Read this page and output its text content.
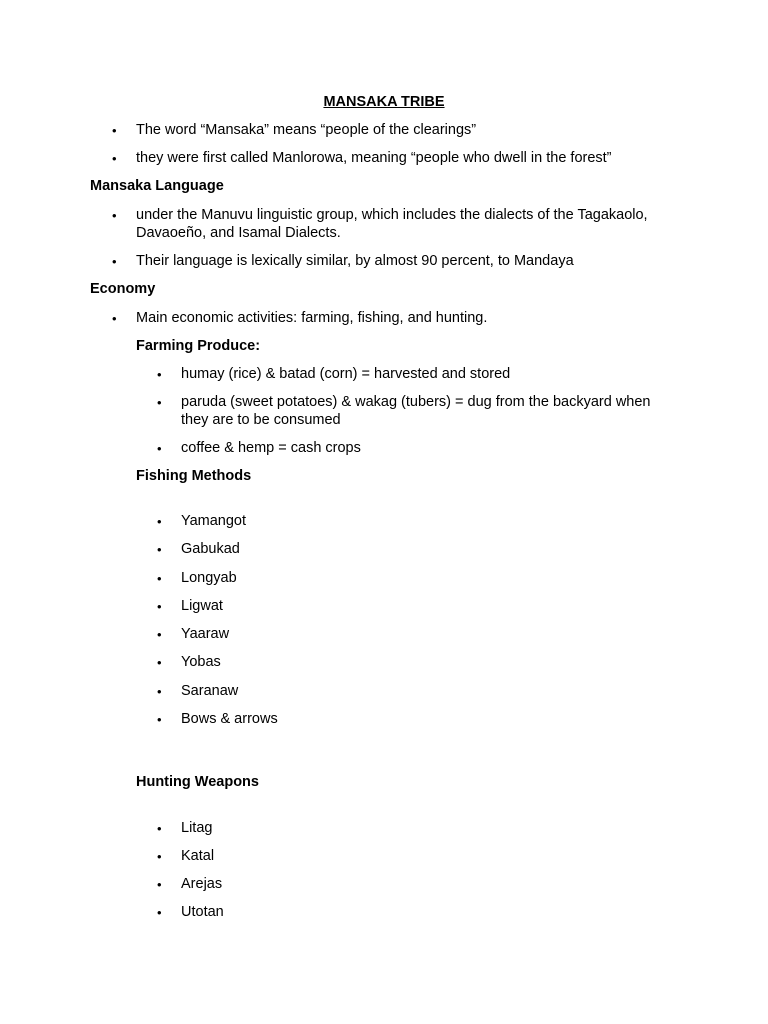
MANSAKA TRIBE
• The word “Mansaka” means “people of the clearings”
• they were first called Manlorowa, meaning “people who dwell in the forest”
Mansaka Language
• under the Manuvu linguistic group, which includes the dialects of the Tagakaolo, Davaoeño, and Isamal Dialects.
• Their language is lexically similar, by almost 90 percent, to Mandaya
Economy
• Main economic activities: farming, fishing, and hunting.
Farming Produce:
• humay (rice) & batad (corn) = harvested and stored
• paruda (sweet potatoes) & wakag (tubers) = dug from the backyard when they are to be consumed
• coffee & hemp = cash crops
Fishing Methods
• Yamangot
• Gabukad
• Longyab
• Ligwat
• Yaaraw
• Yobas
• Saranaw
• Bows & arrows
Hunting Weapons
• Litag
• Katal
• Arejas
• Utotan
